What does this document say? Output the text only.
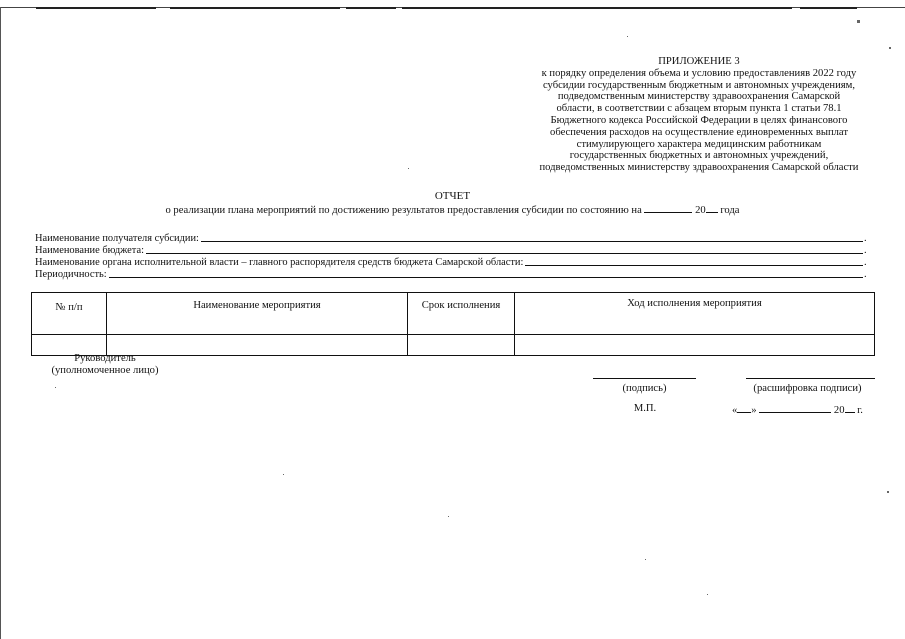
ПРИЛОЖЕНИЕ 3
к порядку определения объема и условию предоставленияв 2022 году
субсидии государственным бюджетным и автономных учреждениям,
подведомственным министерству здравоохранения Самарской
области, в соответствии с абзацем вторым пункта 1 статьи 78.1
Бюджетного кодекса Российской Федерации в целях финансового
обеспечения расходов на осуществление единовременных выплат
стимулирующего характера медицинским работникам
государственных бюджетных и автономных учреждений,
подведомственных министерству здравоохранения Самарской области
ОТЧЕТ
о реализации плана мероприятий по достижению результатов предоставления субсидии по состоянию на	20 года
Наименование получателя субсидии:	.
Наименование бюджета:	.
Наименование органа исполнительной власти – главного распорядителя средств бюджета Самарской области:	.
Периодичность:	.
№ п/п	Наименование мероприятия	Срок исполнения	Ход исполнения мероприятия

Руководитель
(уполномоченное лицо)
(подпись)	(расшифровка подписи)
М.П.	« »	20 г.
